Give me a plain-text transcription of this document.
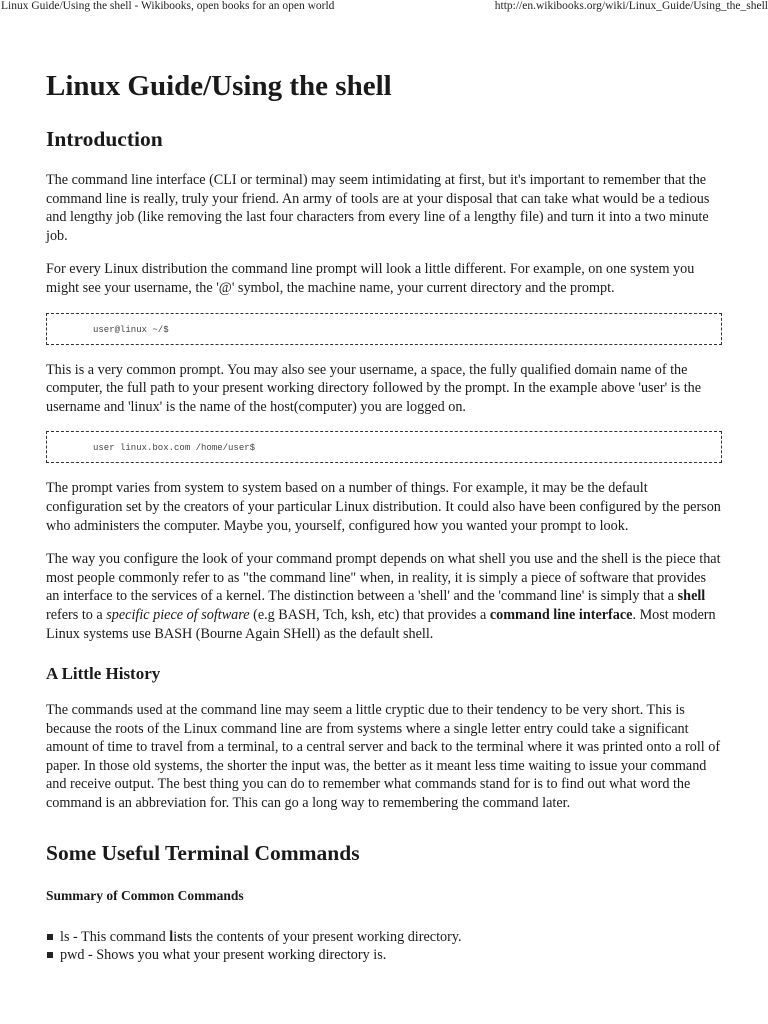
Linux Guide/Using the shell - Wikibooks, open books for an open world	http://en.wikibooks.org/wiki/Linux_Guide/Using_the_shell
Linux Guide/Using the shell
Introduction

The command line interface (CLI or terminal) may seem intimidating at first, but it's important to remember that the command line is really, truly your friend. An army of tools are at your disposal that can take what would be a tedious and lengthy job (like removing the last four characters from every line of a lengthy file) and turn it into a two minute job.

For every Linux distribution the command line prompt will look a little different. For example, on one system you might see your username, the '@' symbol, the machine name, your current directory and the prompt.

user@linux ~/$

This is a very common prompt. You may also see your username, a space, the fully qualified domain name of the computer, the full path to your present working directory followed by the prompt. In the example above 'user' is the username and 'linux' is the name of the host(computer) you are logged on.

user linux.box.com /home/user$

The prompt varies from system to system based on a number of things. For example, it may be the default configuration set by the creators of your particular Linux distribution. It could also have been configured by the person who administers the computer. Maybe you, yourself, configured how you wanted your prompt to look.

The way you configure the look of your command prompt depends on what shell you use and the shell is the piece that most people commonly refer to as "the command line" when, in reality, it is simply a piece of software that provides an interface to the services of a kernel. The distinction between a 'shell' and the 'command line' is simply that a shell refers to a specific piece of software (e.g BASH, Tch, ksh, etc) that provides a command line interface. Most modern Linux systems use BASH (Bourne Again SHell) as the default shell.

A Little History

The commands used at the command line may seem a little cryptic due to their tendency to be very short. This is because the roots of the Linux command line are from systems where a single letter entry could take a significant amount of time to travel from a terminal, to a central server and back to the terminal where it was printed onto a roll of paper. In those old systems, the shorter the input was, the better as it meant less time waiting to issue your command and receive output. The best thing you can do to remember what commands stand for is to find out what word the command is an abbreviation for. This can go a long way to remembering the command later.

Some Useful Terminal Commands
Summary of Common Commands
ls - This command lists the contents of your present working directory.
pwd - Shows you what your present working directory is.
